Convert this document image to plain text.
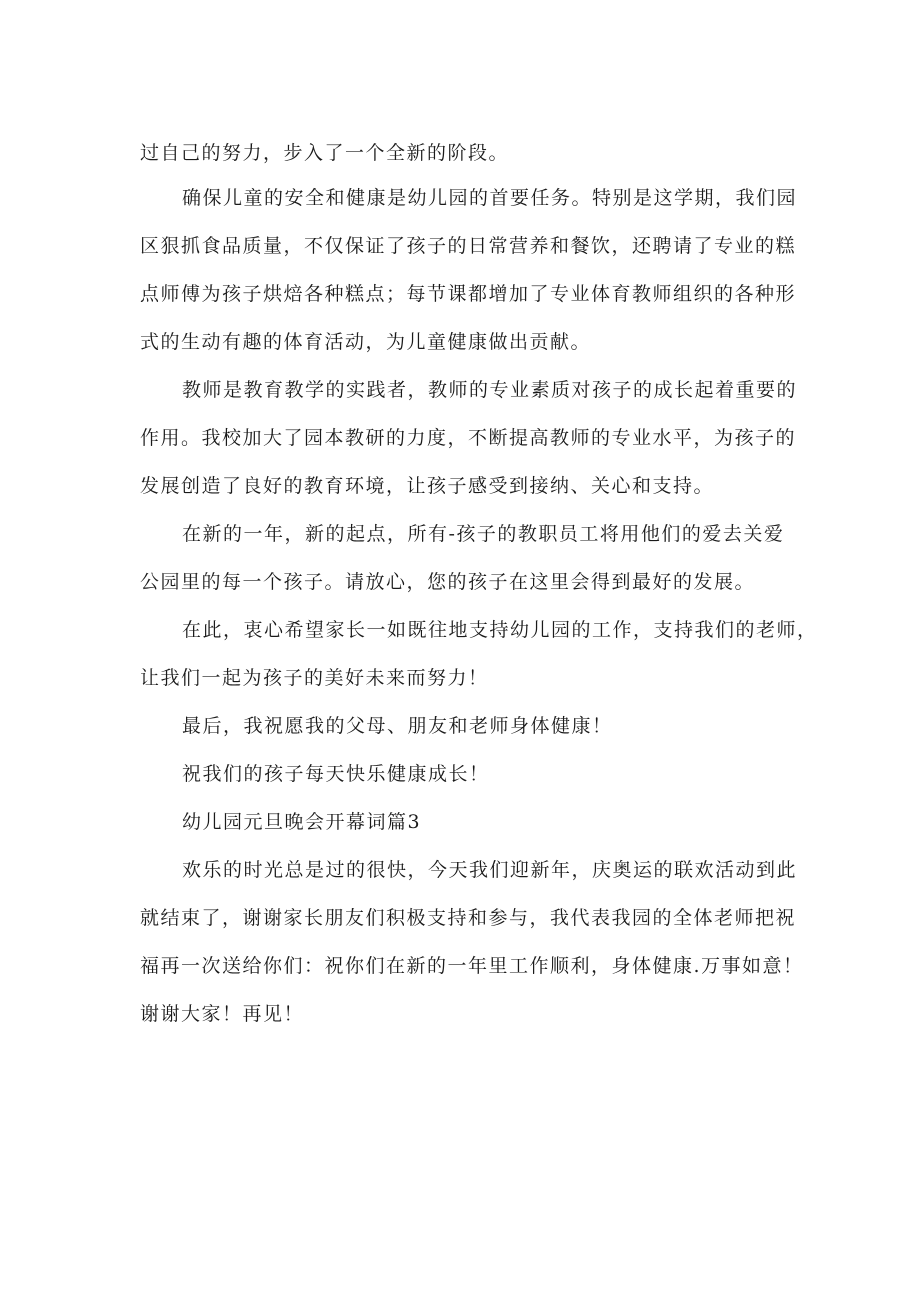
过自己的努力，步入了一个全新的阶段。

确保儿童的安全和健康是幼儿园的首要任务。特别是这学期，我们园

区狠抓食品质量，不仅保证了孩子的日常营养和餐饮，还聘请了专业的糕

点师傅为孩子烘焙各种糕点；每节课都增加了专业体育教师组织的各种形

式的生动有趣的体育活动，为儿童健康做出贡献。

教师是教育教学的实践者，教师的专业素质对孩子的成长起着重要的

作用。我校加大了园本教研的力度，不断提高教师的专业水平，为孩子的

发展创造了良好的教育环境，让孩子感受到接纳、关心和支持。

在新的一年，新的起点，所有-孩子的教职员工将用他们的爱去关爱

公园里的每一个孩子。请放心，您的孩子在这里会得到最好的发展。

在此，衷心希望家长一如既往地支持幼儿园的工作，支持我们的老师，

让我们一起为孩子的美好未来而努力！

最后，我祝愿我的父母、朋友和老师身体健康！

祝我们的孩子每天快乐健康成长！

幼儿园元旦晚会开幕词篇3

欢乐的时光总是过的很快，今天我们迎新年，庆奥运的联欢活动到此

就结束了，谢谢家长朋友们积极支持和参与，我代表我园的全体老师把祝

福再一次送给你们：祝你们在新的一年里工作顺利，身体健康.万事如意！

谢谢大家！再见！
